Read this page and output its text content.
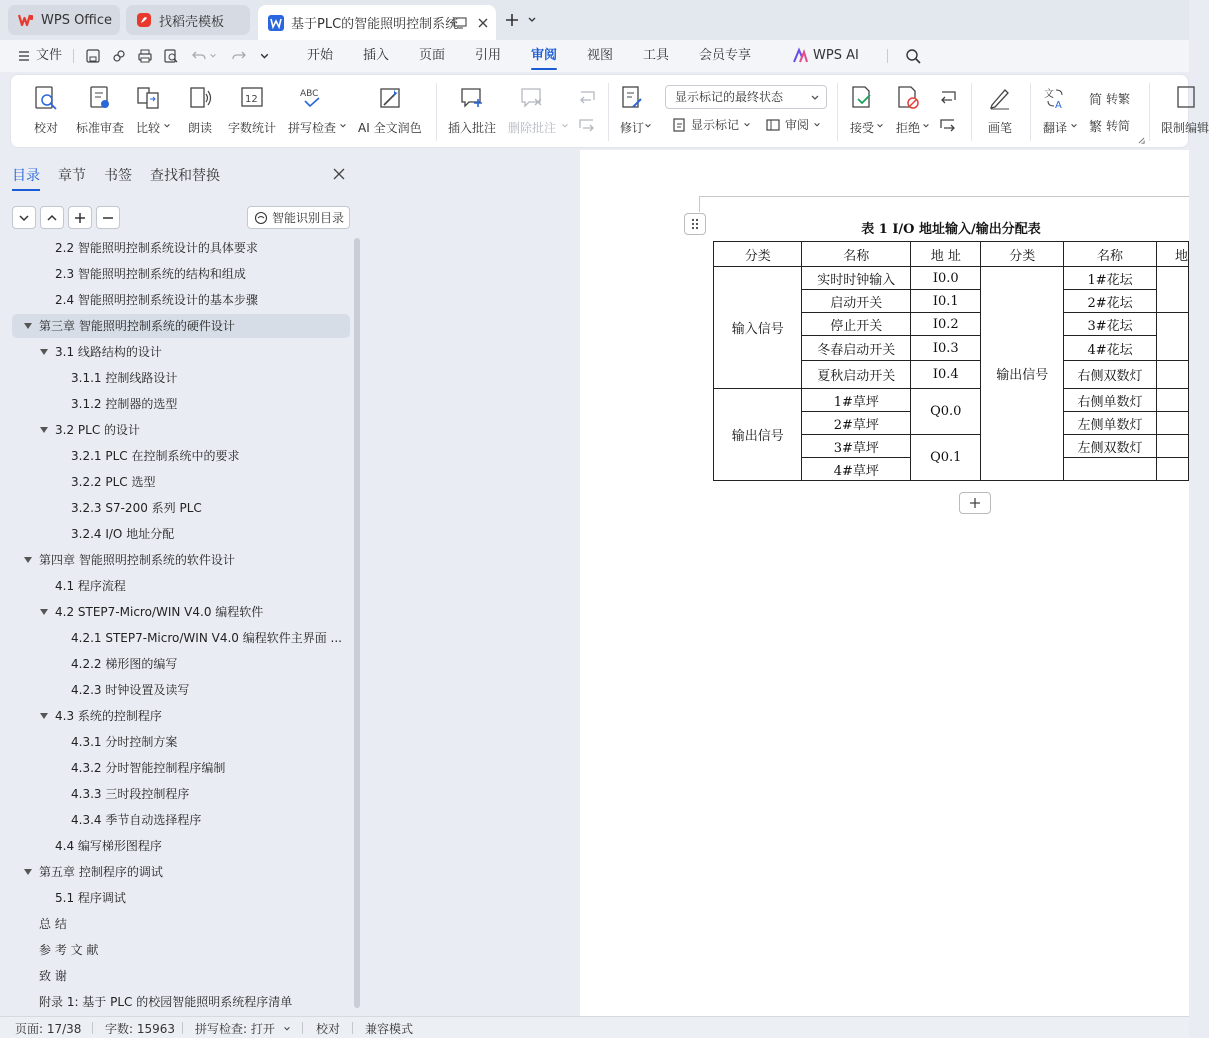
WPS Office	找稻壳模板	基于PLC的智能照明控制系统
文件	开始 插入 页面 引用 审阅 视图 工具 会员专享	WPS AI
校对 标准审查 比较 朗读
12
字数统计
ABC
拼写检查 AI 全文润色 插入批注 删除批注	修订
显示标记的最终状态
显示标记	审阅	接受 拒绝	画笔
文
A
翻译
简 转繁
繁 转简	限制编辑
目录 章节 书签 查找和替换
智能识别目录
2.2 智能照明控制系统设计的具体要求
2.3 智能照明控制系统的结构和组成
2.4 智能照明控制系统设计的基本步骤
第三章 智能照明控制系统的硬件设计
3.1 线路结构的设计
3.1.1 控制线路设计
3.1.2 控制器的选型
3.2 PLC 的设计
3.2.1 PLC 在控制系统中的要求
3.2.2 PLC 选型
3.2.3 S7-200 系列 PLC
3.2.4 I/O 地址分配
第四章 智能照明控制系统的软件设计
4.1 程序流程
4.2 STEP7-Micro/WIN V4.0 编程软件
4.2.1 STEP7-Micro/WIN V4.0 编程软件主界面 ...
4.2.2 梯形图的编写
4.2.3 时钟设置及读写
4.3 系统的控制程序
4.3.1 分时控制方案
4.3.2 分时智能控制程序编制
4.3.3 三时段控制程序
4.3.4 季节自动选择程序
4.4 编写梯形图程序
第五章 控制程序的调试
5.1 程序调试
总 结
参 考 文 献
致 谢
附录 1: 基于 PLC 的校园智能照明系统程序清单
表 1 I/O 地址输入/输出分配表
分类	名称	地 址	分类	名称	地
输入信号	实时时钟输入	I0.0	输出信号	1#花坛	
	启动开关	I0.1		2#花坛	
	停止开关	I0.2		3#花坛	
	冬春启动开关	I0.3		4#花坛	
	夏秋启动开关	I0.4		右侧双数灯	
输出信号	1#草坪	Q0.0		右侧单数灯	
	2#草坪			左侧单数灯	
	3#草坪	Q0.1		左侧双数灯	
	4#草坪				
页面: 17/38 字数: 15963 拼写检查: 打开	校对 兼容模式
